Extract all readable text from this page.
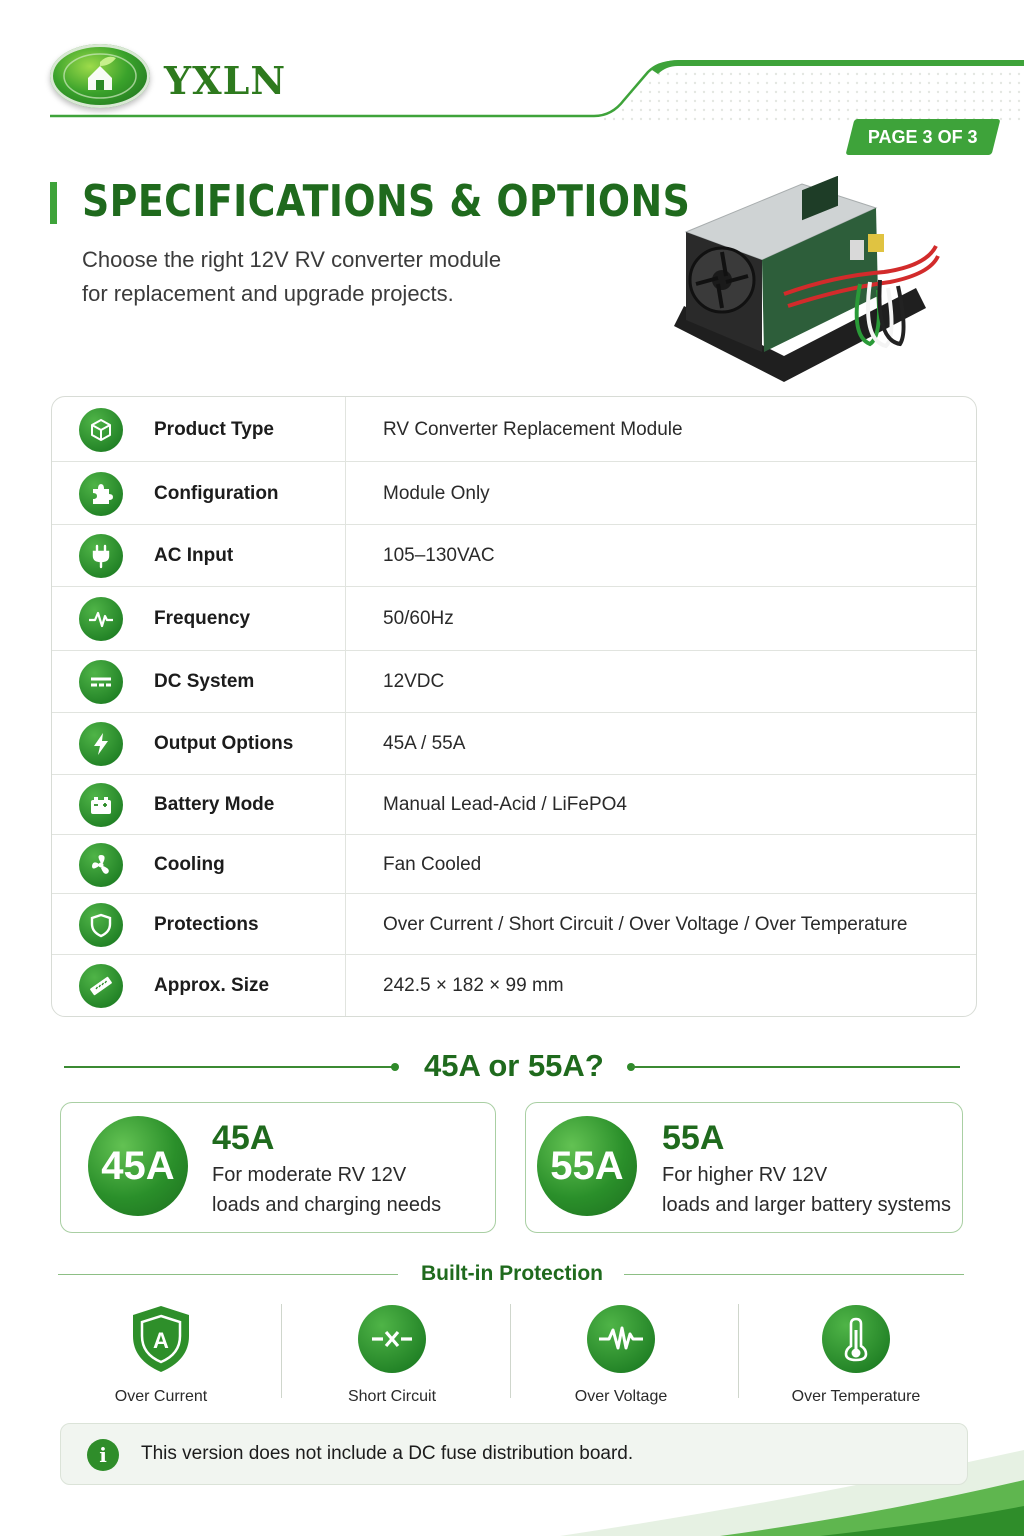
YXLN
PAGE 3 OF 3
SPECIFICATIONS & OPTIONS
Choose the right 12V RV converter module
for replacement and upgrade projects.
Product Type	RV Converter Replacement Module
Configuration	Module Only
AC Input	105–130VAC
Frequency	50/60Hz
DC System	12VDC
Output Options	45A / 55A
Battery Mode	Manual Lead-Acid / LiFePO4
Cooling	Fan Cooled
Protections	Over Current / Short Circuit / Over Voltage / Over Temperature
Approx. Size	242.5 × 182 × 99 mm
45A or 55A?
45A
45A
For moderate RV 12V
loads and charging needs
55A
55A
For higher RV 12V
loads and larger battery systems
Built-in Protection
A
Over Current	Short Circuit	Over Voltage	Over Temperature
i	This version does not include a DC fuse distribution board.
